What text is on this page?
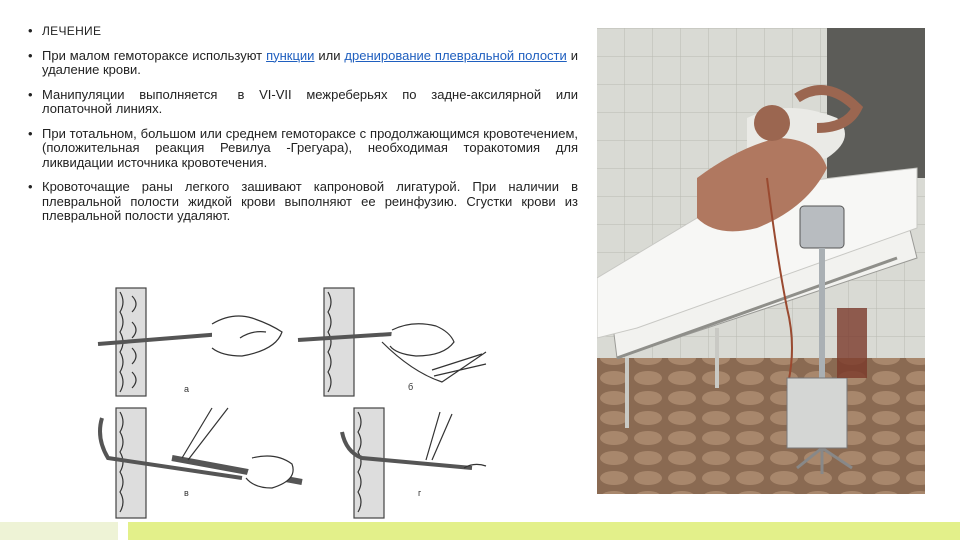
• ЛЕЧЕНИЕ
• При малом гемотораксе используют пункции или дренирование плевральной полости и удаление крови.
• Манипуляции выполняется в VI-VII межреберьях по задне-аксилярной или лопаточной линиях.
• При тотальном, большом или среднем гемотораксе с продолжающимся кровотечением, (положительная реакция Ревилуа -Грегуара), необходимая торакотомия для ликвидации источника кровотечения.
• Кровоточащие раны легкого зашивают капроновой лигатурой. При наличии в плевральной полости жидкой крови выполняют ее реинфузию. Сгустки крови из плевральной полости удаляют.
a	б
в	г
